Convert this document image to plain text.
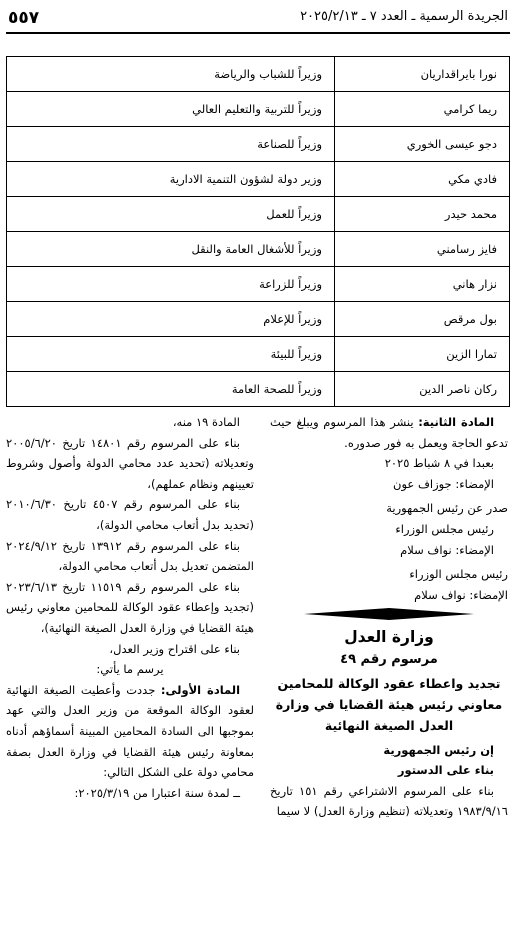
الجريدة الرسمية ـ العدد ٧ ـ ٢٠٢٥/٢/١٣
٥٥٧
نورا بايراقداريان	وزيراً للشباب والرياضة
ريما كرامي	وزيراً للتربية والتعليم العالي
دجو عيسى الخوري	وزيراً للصناعة
فادي مكي	وزير دولة لشؤون التنمية الادارية
محمد حيدر	وزيراً للعمل
فايز رسامني	وزيراً للأشغال العامة والنقل
نزار هاني	وزيراً للزراعة
بول مرقص	وزيراً للإعلام
تمارا الزين	وزيراً للبيئة
ركان ناصر الدين	وزيراً للصحة العامة

المادة الثانية: ينشر هذا المرسوم ويبلغ حيث تدعو الحاجة ويعمل به فور صدوره.

بعبدا في ٨ شباط ٢٠٢٥

الإمضاء: جوزاف عون

صدر عن رئيس الجمهورية

رئيس مجلس الوزراء

الإمضاء: نواف سلام

رئيس مجلس الوزراء

الإمضاء: نواف سلام

وزارة العدل
مرسوم رقم ٤٩
تجديد واعطاء عقود الوكالة للمحامين معاوني رئيس هيئة القضايا في وزارة العدل الصيغة النهائية

إن رئيس الجمهورية

بناء على الدستور

بناء على المرسوم الاشتراعي رقم ١٥١ تاريخ ١٩٨٣/٩/١٦ وتعديلاته (تنظيم وزارة العدل) لا سيما

المادة ١٩ منه،

بناء على المرسوم رقم ١٤٨٠١ تاريخ ٢٠٠٥/٦/٢٠ وتعديلاته (تحديد عدد محامي الدولة وأصول وشروط تعيينهم ونظام عملهم)،

بناء على المرسوم رقم ٤٥٠٧ تاريخ ٢٠١٠/٦/٣٠ (تحديد بدل أتعاب محامي الدولة)،

بناء على المرسوم رقم ١٣٩١٢ تاريخ ٢٠٢٤/٩/١٢ المتضمن تعديل بدل أتعاب محامي الدولة،

بناء على المرسوم رقم ١١٥١٩ تاريخ ٢٠٢٣/٦/١٣ (تجديد وإعطاء عقود الوكالة للمحامين معاوني رئيس هيئة القضايا في وزارة العدل الصيغة النهائية)،

بناء على اقتراح وزير العدل،

يرسم ما يأتي:

المادة الأولى: جددت وأعطيت الصيغة النهائية لعقود الوكالة الموقعة من وزير العدل والتي عهد بموجبها الى السادة المحامين المبينة أسماؤهم أدناه بمعاونة رئيس هيئة القضايا في وزارة العدل بصفة محامي دولة على الشكل التالي:

ــ لمدة سنة اعتبارا من ٢٠٢٥/٣/١٩:
